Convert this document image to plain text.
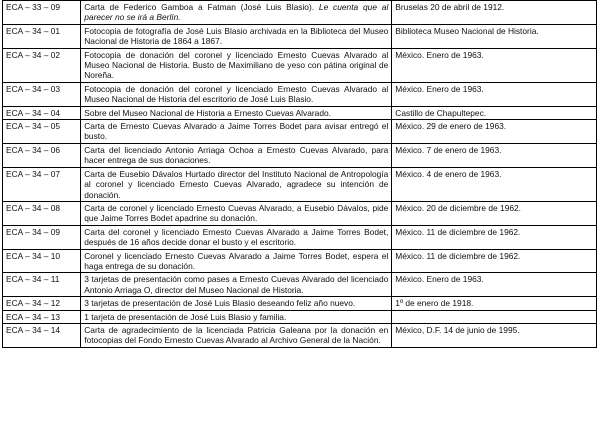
ECA – 33 – 09	Carta de Federico Gamboa a Fatman (José Luis Blasio). Le cuenta que al parecer no se irá a Berlín.	Bruselas 20 de abril de 1912.
ECA – 34 – 01	Fotocopia de fotografía de José Luis Blasio archivada en la Biblioteca del Museo Nacional de Historia de 1864 a 1867.	Biblioteca Museo Nacional de Historia.
ECA – 34 – 02	Fotocopia de donación del coronel y licenciado Ernesto Cuevas Alvarado al Museo Nacional de Historia. Busto de Maximiliano de yeso con pátina original de Noreña.	México. Enero de 1963.
ECA – 34 – 03	Fotocopia de donación del coronel y licenciado Ernesto Cuevas Alvarado al Museo Nacional de Historia del escritorio de José Luis Blasio.	México. Enero de 1963.
ECA – 34 – 04	Sobre del Museo Nacional de Historia a Ernesto Cuevas Alvarado.	Castillo de Chapultepec.
ECA – 34 – 05	Carta de Ernesto Cuevas Alvarado a Jaime Torres Bodet para avisar entregó el busto.	México. 29 de enero de 1963.
ECA – 34 – 06	Carta del licenciado Antonio Arriaga Ochoa a Ernesto Cuevas Alvarado, para hacer entrega de sus donaciones.	México. 7 de enero de 1963.
ECA – 34 – 07	Carta de Eusebio Dávalos Hurtado director del Instituto Nacional de Antropología al coronel y licenciado Ernesto Cuevas Alvarado, agradece su intención de donación.	México. 4 de enero de 1963.
ECA – 34 – 08	Carta de coronel y licenciado Ernesto Cuevas Alvarado, a Eusebio Dávalos, pide que Jaime Torres Bodet apadrine su donación.	México. 20 de diciembre de 1962.
ECA – 34 – 09	Carta del coronel y licenciado Ernesto Cuevas Alvarado a Jaime Torres Bodet, después de 16 años decide donar el busto y el escritorio.	México. 11 de diciembre de 1962.
ECA – 34 – 10	Coronel y licenciado Ernesto Cuevas Alvarado a Jaime Torres Bodet, espera el haga entrega de su donación.	México. 11 de diciembre de 1962.
ECA – 34 – 11	3 tarjetas de presentación como pases a Ernesto Cuevas Alvarado del licenciado Antonio Arriaga O, director del Museo Nacional de Historia.	México. Enero de 1963.
ECA – 34 – 12	3 tarjetas de presentación de José Luis Blasio deseando feliz año nuevo.	1º de enero de 1918.
ECA – 34 – 13	1 tarjeta de presentación de José Luis Blasio y familia.	
ECA – 34 – 14	Carta de agradecimiento de la licenciada Patricia Galeana por la donación en fotocopias del Fondo Ernesto Cuevas Alvarado al Archivo General de la Nación.	México, D.F. 14 de junio de 1995.
